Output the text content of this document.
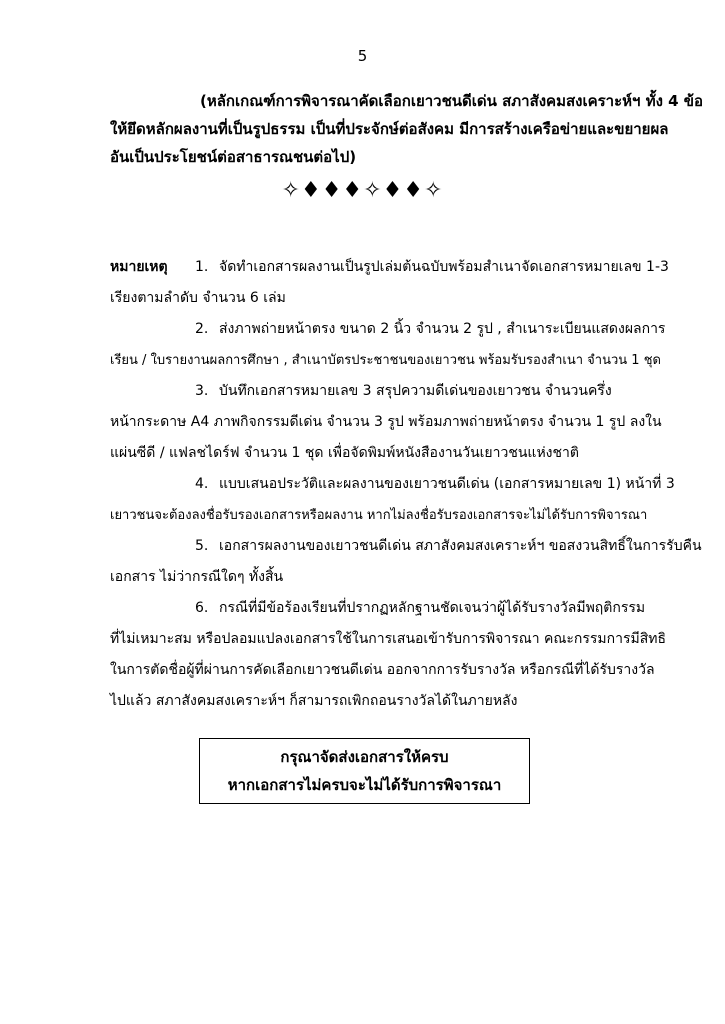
5
(หลักเกณฑ์การพิจารณาคัดเลือกเยาวชนดีเด่น สภาสังคมสงเคราะห์ฯ ทั้ง 4 ข้อ
ให้ยึดหลักผลงานที่เป็นรูปธรรม เป็นที่ประจักษ์ต่อสังคม มีการสร้างเครือข่ายและขยายผล
อันเป็นประโยชน์ต่อสาธารณชนต่อไป)
✧♦♦♦✧♦♦✧
หมายเหตุ 1. จัดทำเอกสารผลงานเป็นรูปเล่มต้นฉบับพร้อมสำเนาจัดเอกสารหมายเลข 1-3
เรียงตามลำดับ จำนวน 6 เล่ม
2. ส่งภาพถ่ายหน้าตรง ขนาด 2 นิ้ว จำนวน 2 รูป , สำเนาระเบียนแสดงผลการ
เรียน / ใบรายงานผลการศึกษา , สำเนาบัตรประชาชนของเยาวชน พร้อมรับรองสำเนา จำนวน 1 ชุด
3. บันทึกเอกสารหมายเลข 3 สรุปความดีเด่นของเยาวชน จำนวนครึ่ง
หน้ากระดาษ A4 ภาพกิจกรรมดีเด่น จำนวน 3 รูป พร้อมภาพถ่ายหน้าตรง จำนวน 1 รูป ลงใน
แผ่นซีดี / แฟลชไดร์ฟ จำนวน 1 ชุด เพื่อจัดพิมพ์หนังสืองานวันเยาวชนแห่งชาติ
4. แบบเสนอประวัติและผลงานของเยาวชนดีเด่น (เอกสารหมายเลข 1) หน้าที่ 3
เยาวชนจะต้องลงชื่อรับรองเอกสารหรือผลงาน หากไม่ลงชื่อรับรองเอกสารจะไม่ได้รับการพิจารณา
5. เอกสารผลงานของเยาวชนดีเด่น สภาสังคมสงเคราะห์ฯ ขอสงวนสิทธิ์ในการรับคืน
เอกสาร ไม่ว่ากรณีใดๆ ทั้งสิ้น
6. กรณีที่มีข้อร้องเรียนที่ปรากฏหลักฐานชัดเจนว่าผู้ได้รับรางวัลมีพฤติกรรม
ที่ไม่เหมาะสม หรือปลอมแปลงเอกสารใช้ในการเสนอเข้ารับการพิจารณา คณะกรรมการมีสิทธิ
ในการตัดชื่อผู้ที่ผ่านการคัดเลือกเยาวชนดีเด่น ออกจากการรับรางวัล หรือกรณีที่ได้รับรางวัล
ไปแล้ว สภาสังคมสงเคราะห์ฯ ก็สามารถเพิกถอนรางวัลได้ในภายหลัง
กรุณาจัดส่งเอกสารให้ครบ
หากเอกสารไม่ครบจะไม่ได้รับการพิจารณา
